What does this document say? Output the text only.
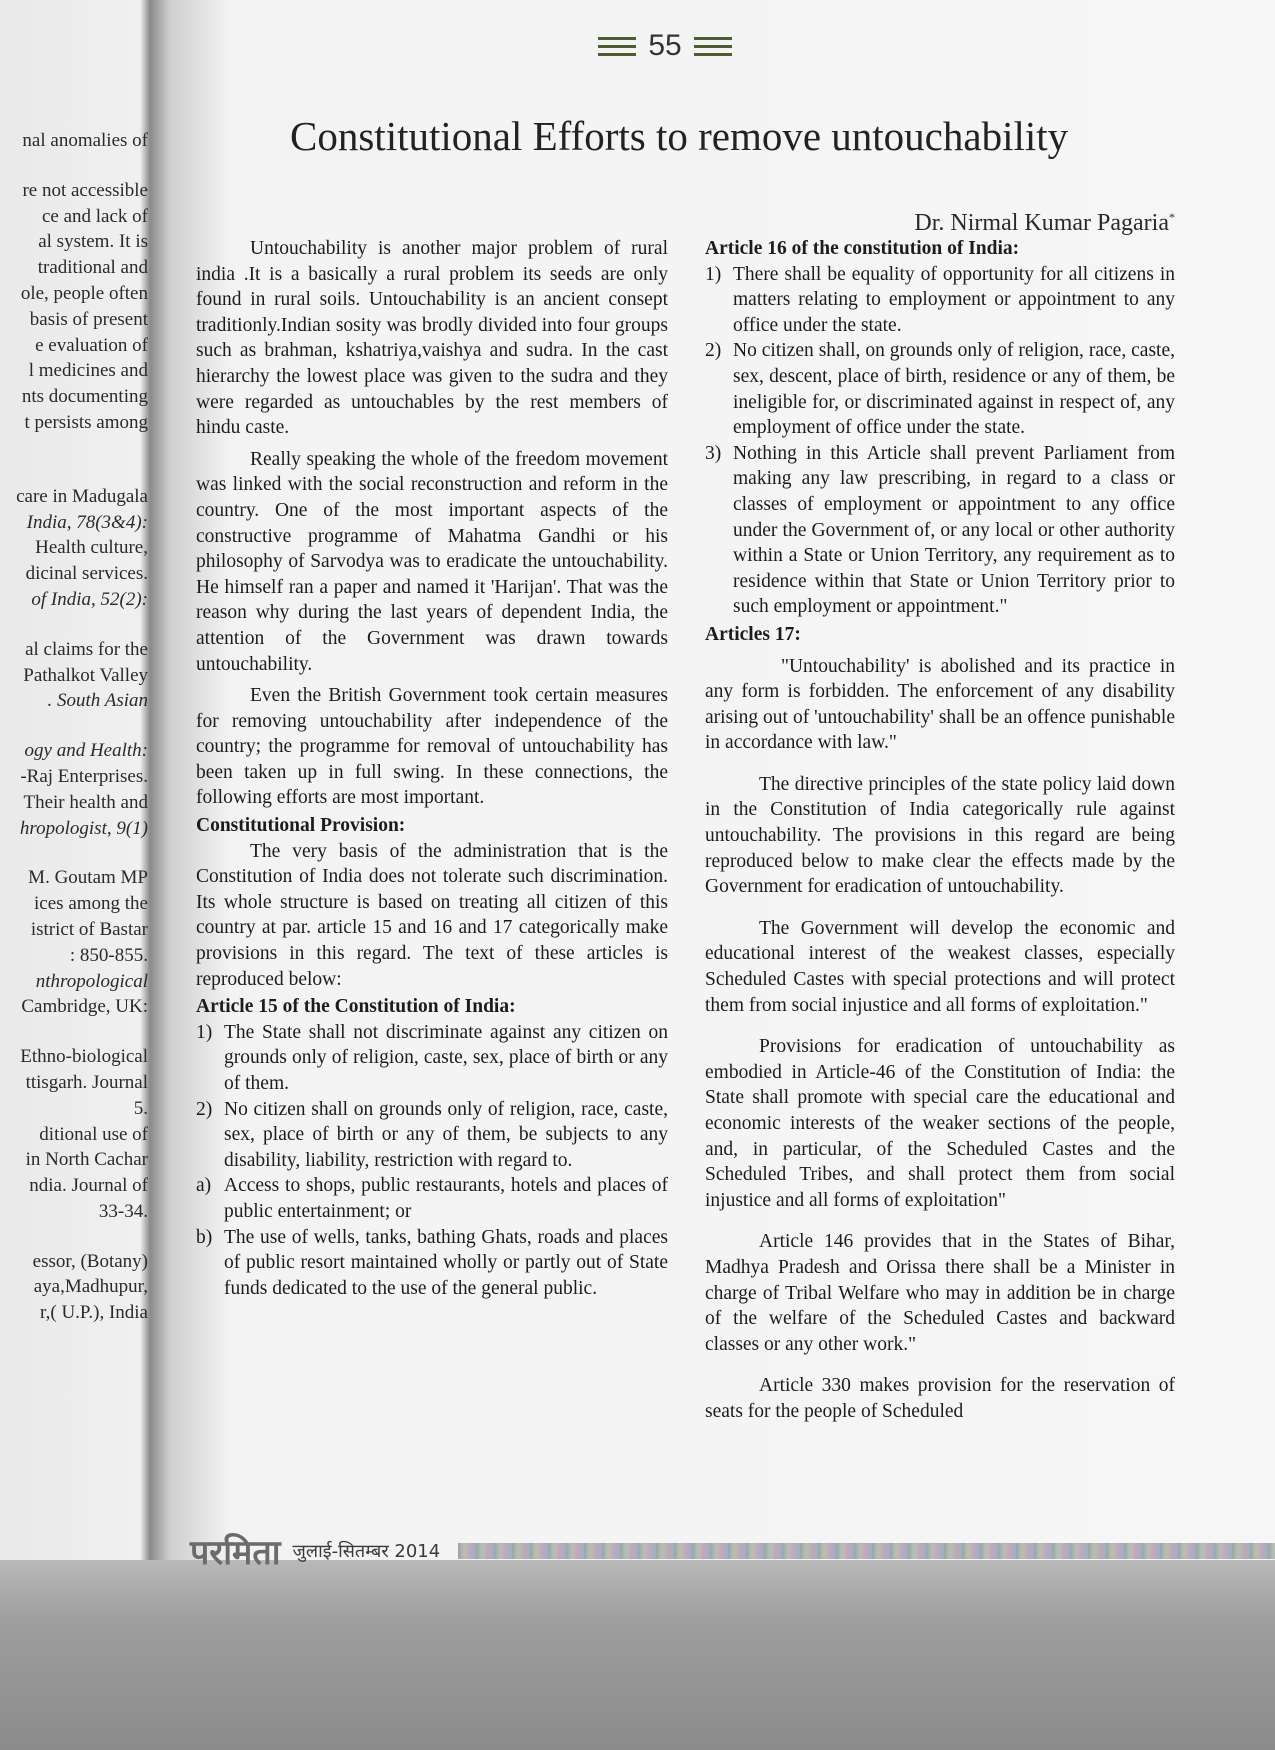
nal anomalies of
re not accessible
ce and lack of
al system. It is
traditional and
ole, people often
basis of present
e evaluation of
l medicines and
nts documenting
t persists among
care in Madugala
India, 78(3&4):
Health culture,
dicinal services.
of India, 52(2):
al claims for the
Pathalkot Valley
. South Asian
ogy and Health:
-Raj Enterprises.
Their health and
hropologist, 9(1)
M. Goutam MP
ices among the
istrict of Bastar
: 850-855.
nthropological
Cambridge, UK:
Ethno-biological
ttisgarh. Journal
5.
ditional use of
in North Cachar
ndia. Journal of
33-34.
essor, (Botany)
aya,Madhupur,
r,( U.P.), India
55
Constitutional Efforts to remove untouchability
Dr. Nirmal Kumar Pagaria*

Untouchability is another major problem of rural india .It is a basically a rural problem its seeds are only found in rural soils. Untouchability is an ancient consept traditionly.Indian sosity was brodly divided into four groups such as brahman, kshatriya,vaishya and sudra. In the cast hierarchy the lowest place was given to the sudra and they were regarded as untouchables by the rest members of hindu caste.

Really speaking the whole of the freedom movement was linked with the social reconstruction and reform in the country. One of the most important aspects of the constructive programme of Mahatma Gandhi or his philosophy of Sarvodya was to eradicate the untouchability. He himself ran a paper and named it 'Harijan'. That was the reason why during the last years of dependent India, the attention of the Government was drawn towards untouchability.

Even the British Government took certain measures for removing untouchability after independence of the country; the programme for removal of untouchability has been taken up in full swing. In these connections, the following efforts are most important.

Constitutional Provision:

The very basis of the administration that is the Constitution of India does not tolerate such discrimination. Its whole structure is based on treating all citizen of this country at par. article 15 and 16 and 17 categorically make provisions in this regard. The text of these articles is reproduced below:

Article 15 of the Constitution of India:
1) The State shall not discriminate against any citizen on grounds only of religion, caste, sex, place of birth or any of them.
2) No citizen shall on grounds only of religion, race, caste, sex, place of birth or any of them, be subjects to any disability, liability, restriction with regard to.
a) Access to shops, public restaurants, hotels and places of public entertainment; or
b) The use of wells, tanks, bathing Ghats, roads and places of public resort maintained wholly or partly out of State funds dedicated to the use of the general public.
Article 16 of the constitution of India:
1) There shall be equality of opportunity for all citizens in matters relating to employment or appointment to any office under the state.
2) No citizen shall, on grounds only of religion, race, caste, sex, descent, place of birth, residence or any of them, be ineligible for, or discriminated against in respect of, any employment of office under the state.
3) Nothing in this Article shall prevent Parliament from making any law prescribing, in regard to a class or classes of employment or appointment to any office under the Government of, or any local or other authority within a State or Union Territory, any requirement as to residence within that State or Union Territory prior to such employment or appointment."
Articles 17:

"Untouchability' is abolished and its practice in any form is forbidden. The enforcement of any disability arising out of 'untouchability' shall be an offence punishable in accordance with law."

The directive principles of the state policy laid down in the Constitution of India categorically rule against untouchability. The provisions in this regard are being reproduced below to make clear the effects made by the Government for eradication of untouchability.

The Government will develop the economic and educational interest of the weakest classes, especially Scheduled Castes with special protections and will protect them from social injustice and all forms of exploitation."

Provisions for eradication of untouchability as embodied in Article-46 of the Constitution of India: the State shall promote with special care the educational and economic interests of the weaker sections of the people, and, in particular, of the Scheduled Castes and the Scheduled Tribes, and shall protect them from social injustice and all forms of exploitation"

Article 146 provides that in the States of Bihar, Madhya Pradesh and Orissa there shall be a Minister in charge of Tribal Welfare who may in addition be in charge of the welfare of the Scheduled Castes and backward classes or any other work."

Article 330 makes provision for the reservation of seats for the people of Scheduled

परमिता जुलाई-सितम्बर 2014
